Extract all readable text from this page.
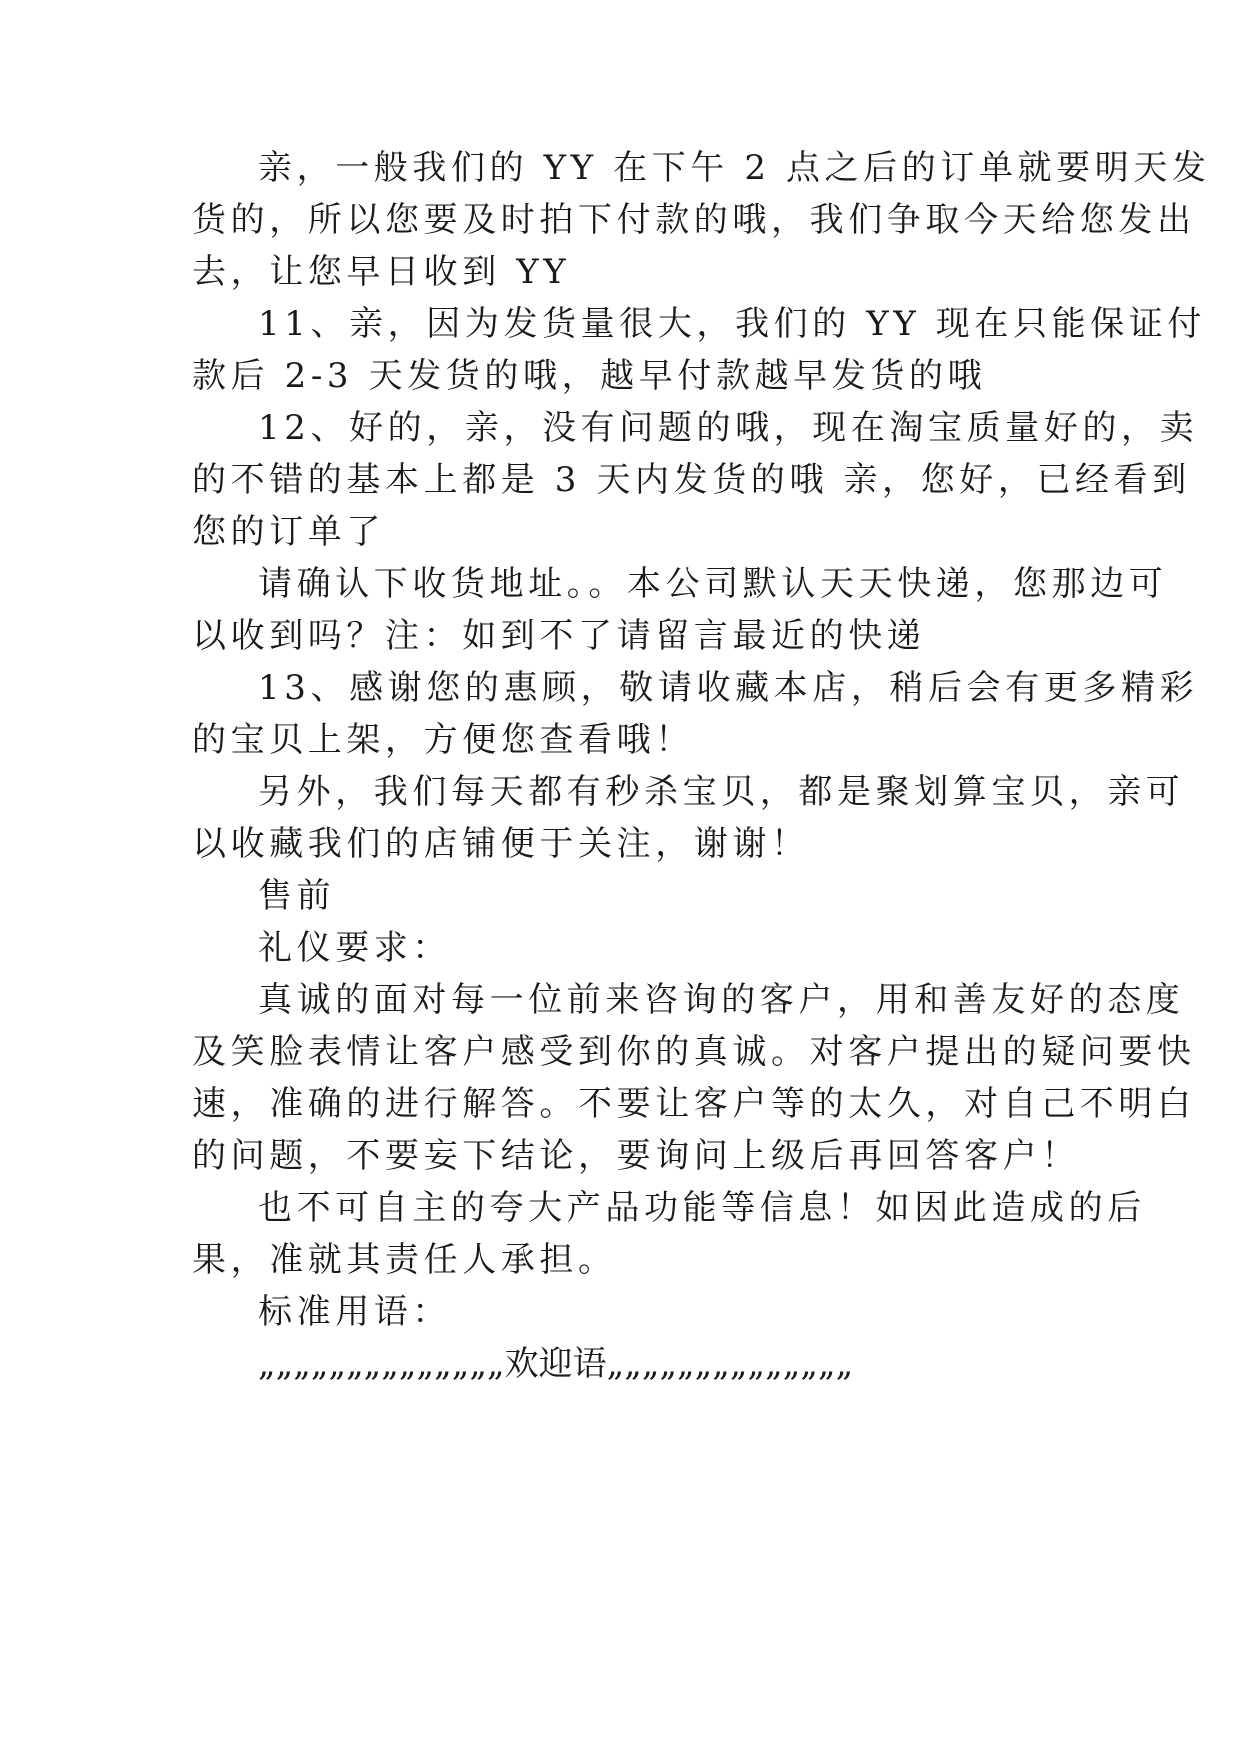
亲，一般我们的 YY 在下午 2 点之后的订单就要明天发
货的，所以您要及时拍下付款的哦，我们争取今天给您发出
去，让您早日收到 YY
11、亲，因为发货量很大，我们的 YY 现在只能保证付
款后 2-3 天发货的哦，越早付款越早发货的哦
12、好的，亲，没有问题的哦，现在淘宝质量好的，卖
的不错的基本上都是 3 天内发货的哦 亲，您好，已经看到
您的订单了
请确认下收货地址。。本公司默认天天快递，您那边可
以收到吗？注：如到不了请留言最近的快递
13、感谢您的惠顾，敬请收藏本店，稍后会有更多精彩
的宝贝上架，方便您查看哦！
另外，我们每天都有秒杀宝贝，都是聚划算宝贝，亲可
以收藏我们的店铺便于关注，谢谢！
售前
礼仪要求：
真诚的面对每一位前来咨询的客户，用和善友好的态度
及笑脸表情让客户感受到你的真诚。对客户提出的疑问要快
速，准确的进行解答。不要让客户等的太久，对自己不明白
的问题，不要妄下结论，要询问上级后再回答客户！
也不可自主的夸大产品功能等信息！如因此造成的后
果，准就其责任人承担。
标准用语：
„„„„„„„„„„„„„„欢迎语„„„„„„„„„„„„„„
